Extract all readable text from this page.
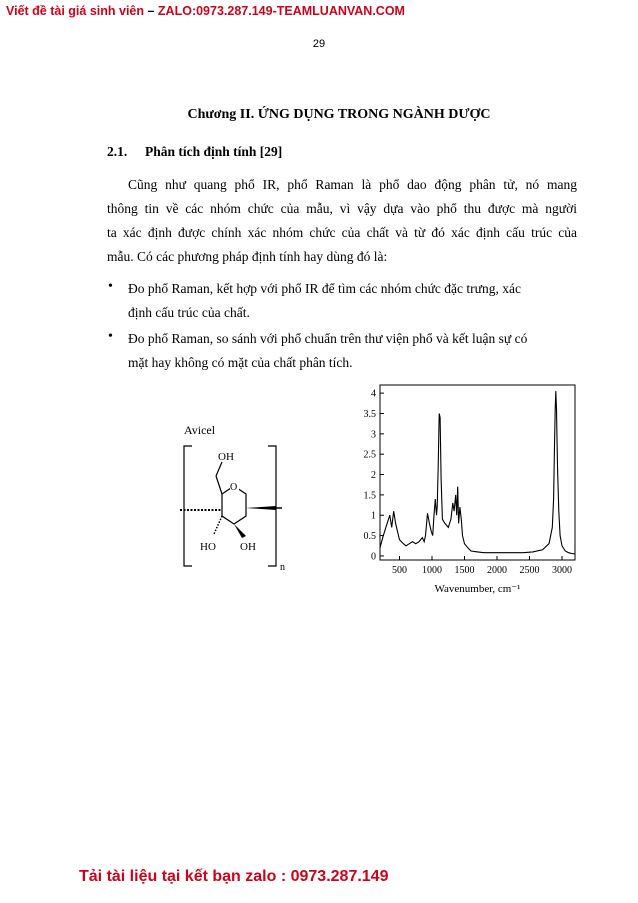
Viết đề tài giá sinh viên – ZALO:0973.287.149-TEAMLUANVAN.COM
29
Chương II. ỨNG DỤNG TRONG NGÀNH DƯỢC
2.1. Phân tích định tính [29]
Cũng như quang phổ IR, phổ Raman là phổ dao động phân tử, nó mang
thông tin về các nhóm chức của mẫu, vì vậy dựa vào phổ thu được mà người
ta xác định được chính xác nhóm chức của chất và từ đó xác định cấu trúc của
mẫu. Có các phương pháp định tính hay dùng đó là:
• Đo phổ Raman, kết hợp với phổ IR để tìm các nhóm chức đặc trưng, xác
định cấu trúc của chất.
• Đo phổ Raman, so sánh với phổ chuẩn trên thư viện phổ và kết luận sự có
mặt hay không có mặt của chất phân tích.
Avicel
n
O
OH
HO OH
0
0.5
1
1.5
2
2.5
3
3.5
4
500 1000 1500 2000 2500 3000
Wavenumber, cm⁻¹
Tải tài liệu tại kết bạn zalo : 0973.287.149
